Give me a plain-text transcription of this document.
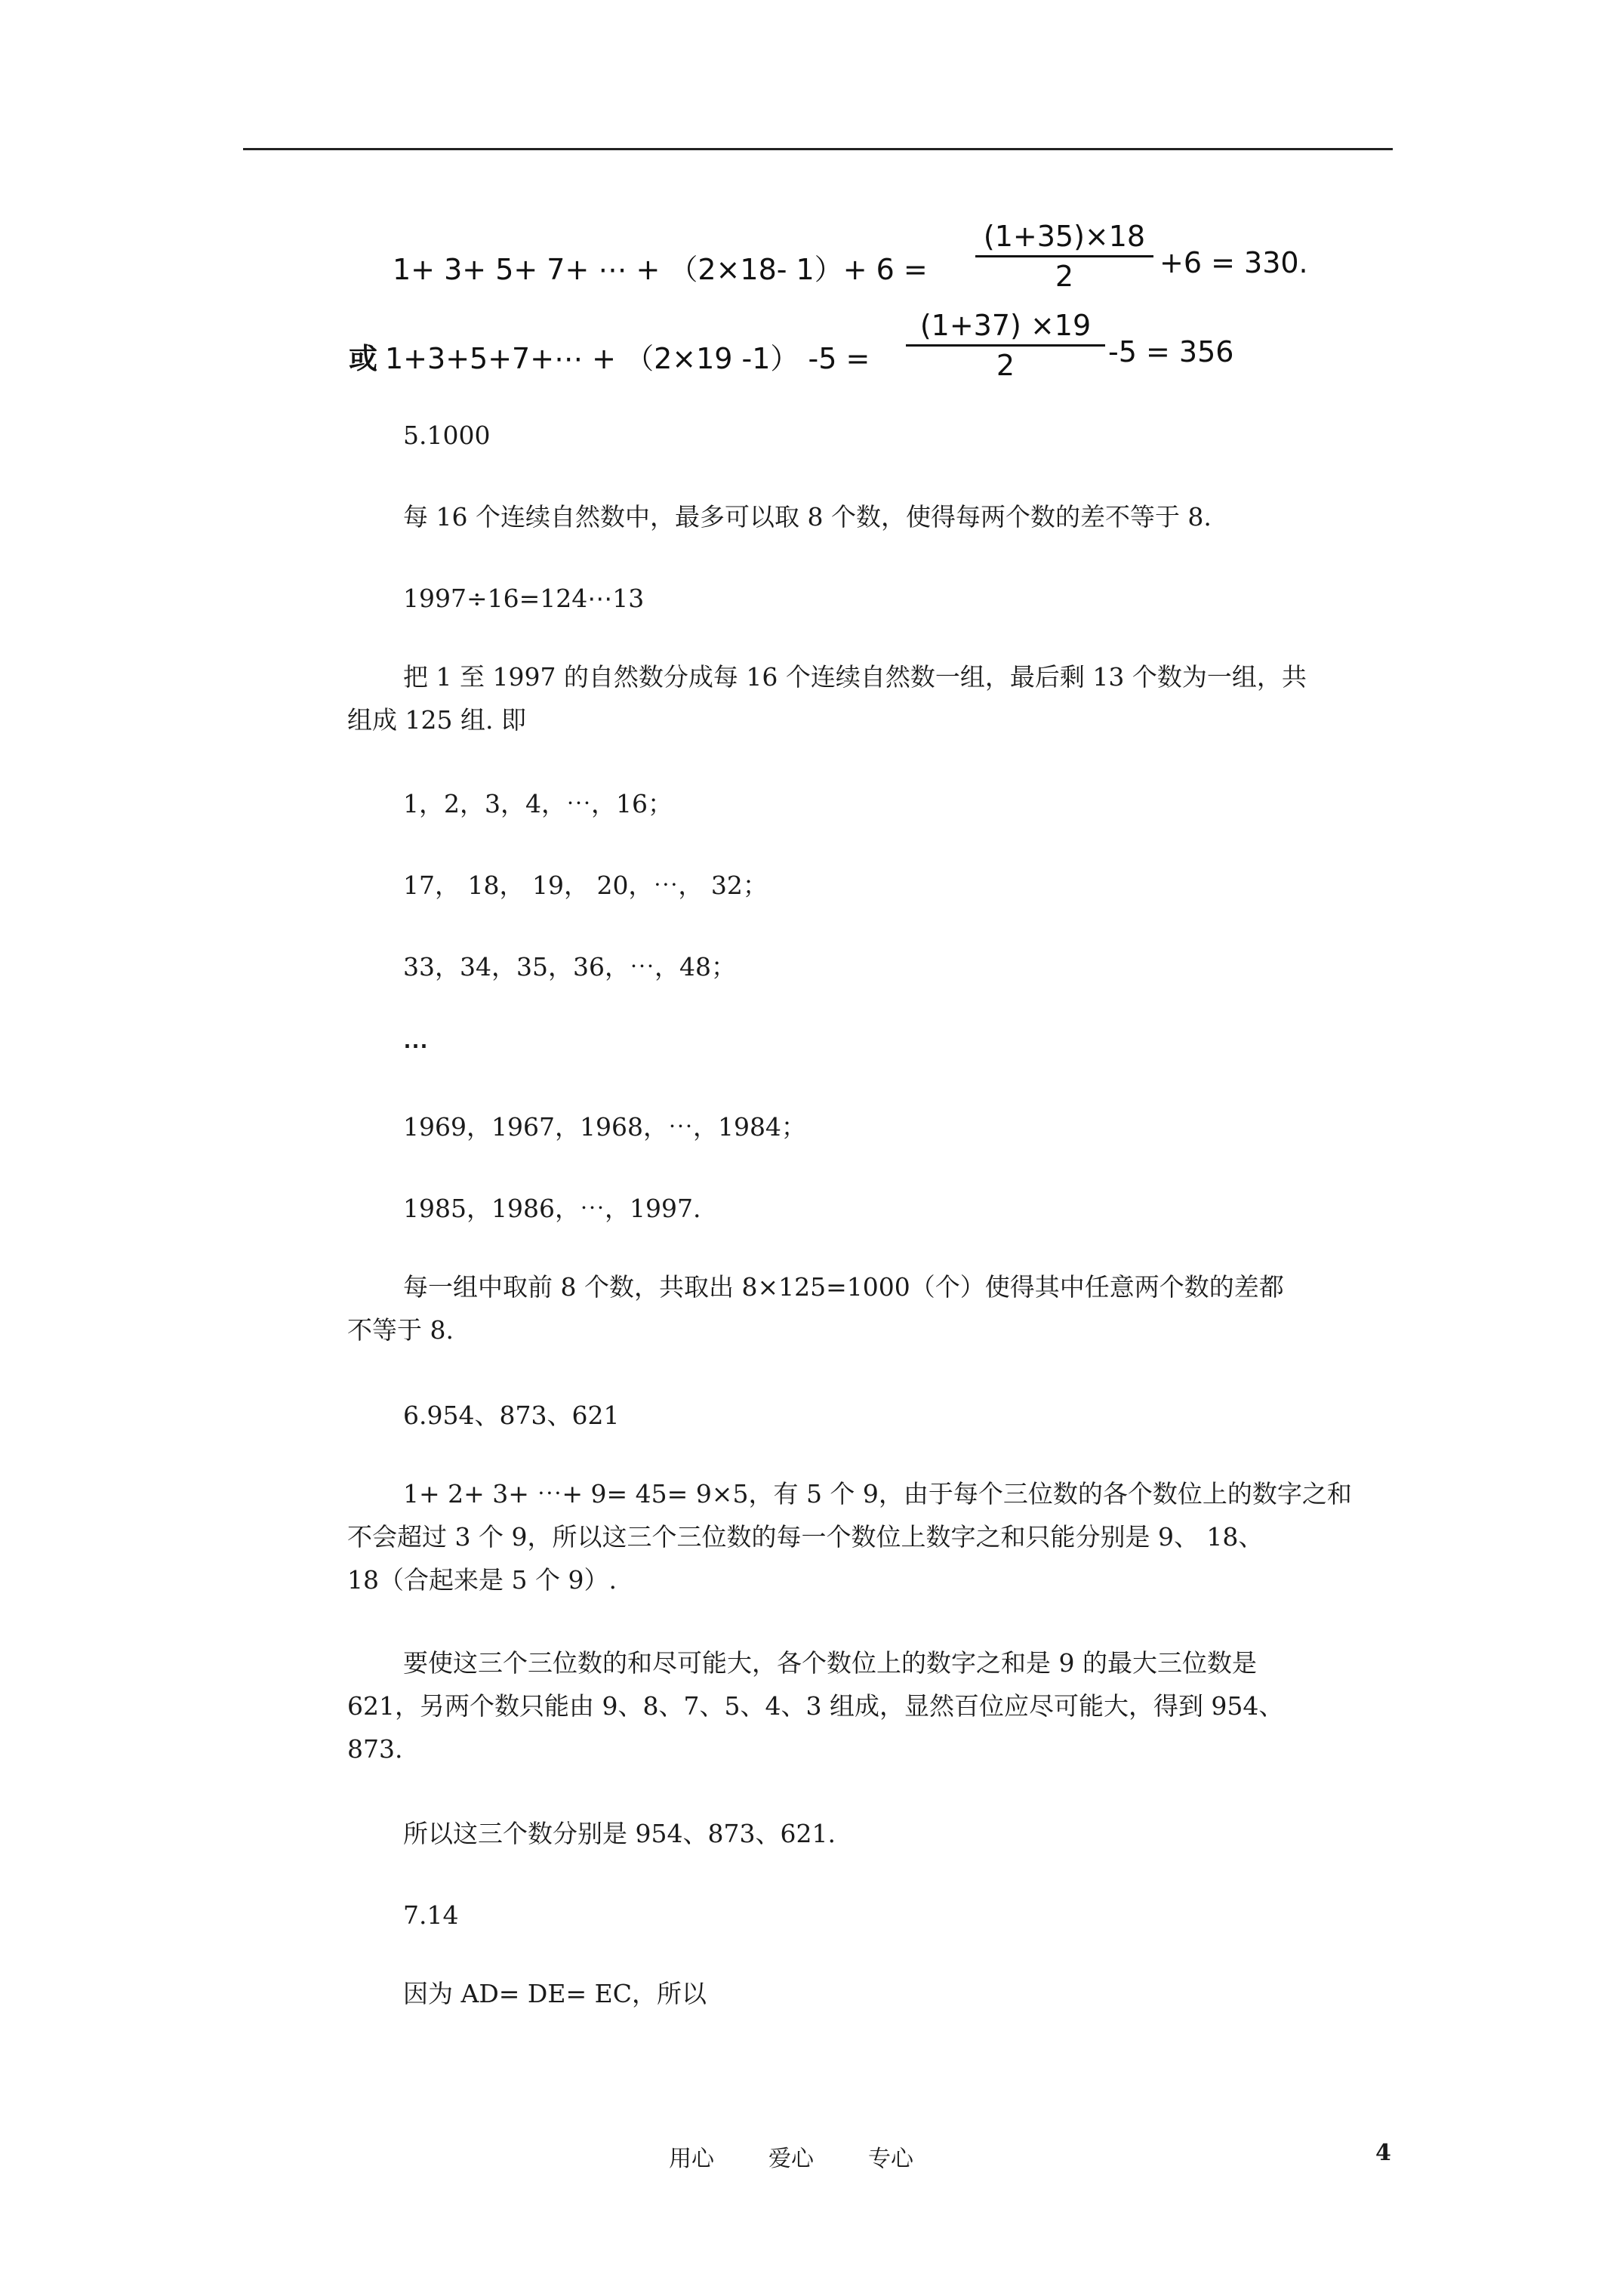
1+ 3+ 5+ 7+ ⋯ + （2×18- $1)+ 6 = \frac{(1+35)\times 18}{2} +6 = 330$.
或 1+3+5+7+⋯ + （2×19 -1） $-5 = \frac{(1+37) \times 19}{2} -5 = 356$
5.1000
每 16 个连续自然数中，最多可以取 8 个数，使得每两个数的差不等于 8.
1997÷16=124⋯13
把 1 至 1997 的自然数分成每 16 个连续自然数一组，最后剩 13 个数为一组，共
组成 125 组. 即
1，2，3，4，⋯，16；
17， 18， 19， 20，⋯， 32；
33，34，35，36，⋯，48；
⋯
1969，1967，1968，⋯，1984；
1985，1986，⋯，1997.
每一组中取前 8 个数，共取出 8×125=1000（个）使得其中任意两个数的差都
不等于 8.
6.954、873、621
1+ 2+ 3+ ⋯+ 9= 45= 9×5，有 5 个 9，由于每个三位数的各个数位上的数字之和
不会超过 3 个 9，所以这三个三位数的每一个数位上数字之和只能分别是 9、 18、
18（合起来是 5 个 9）.
要使这三个三位数的和尽可能大，各个数位上的数字之和是 9 的最大三位数是
621，另两个数只能由 9、8、7、5、4、3 组成，显然百位应尽可能大，得到 954、
873.
所以这三个数分别是 954、873、621.
7.14
因为 AD= DE= EC，所以
用心 爱心 专心	4
